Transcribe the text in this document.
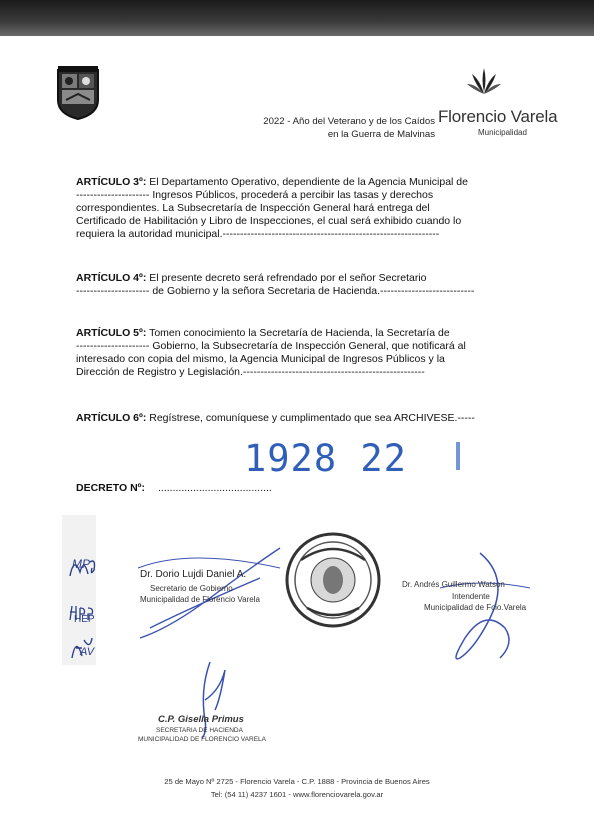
2022 - Año del Veterano y de los Caídos
en la Guerra de Malvinas
Florencio Varela
Municipalidad
ARTÍCULO 3º: El Departamento Operativo, dependiente de la Agencia Municipal de
--------------------- Ingresos Públicos, procederá a percibir las tasas y derechos
correspondientes. La Subsecretaría de Inspección General hará entrega del
Certificado de Habilitación y Libro de Inspecciones, el cual será exhibido cuando lo
requiera la autoridad municipal.--------------------------------------------------------------
ARTÍCULO 4º: El presente decreto será refrendado por el señor Secretario
--------------------- de Gobierno y la señora Secretaria de Hacienda.---------------------------
ARTÍCULO 5º: Tomen conocimiento la Secretaría de Hacienda, la Secretaría de
--------------------- Gobierno, la Subsecretaría de Inspección General, que notificará al
interesado con copia del mismo, la Agencia Municipal de Ingresos Públicos y la
Dirección de Registro y Legislación.----------------------------------------------------
ARTÍCULO 6º: Regístrese, comuníquese y cumplimentado que sea ARCHIVESE.-----
1928 22
DECRETO Nº: .......................................
MP
HEP
AV
Dr. Dorio Lujdi Daniel A.
Secretario de Gobierno
Municipalidad de Florencio Varela
Dr. Andrés Guillermo Watson
Intendente
Municipalidad de Fcio.Varela
C.P. Gisella Primus
SECRETARIA DE HACIENDA
MUNICIPALIDAD DE FLORENCIO VARELA
25 de Mayo Nº 2725 - Florencio Varela - C.P. 1888 - Provincia de Buenos Aires
Tel: (54 11) 4237 1601 - www.florenciovarela.gov.ar
